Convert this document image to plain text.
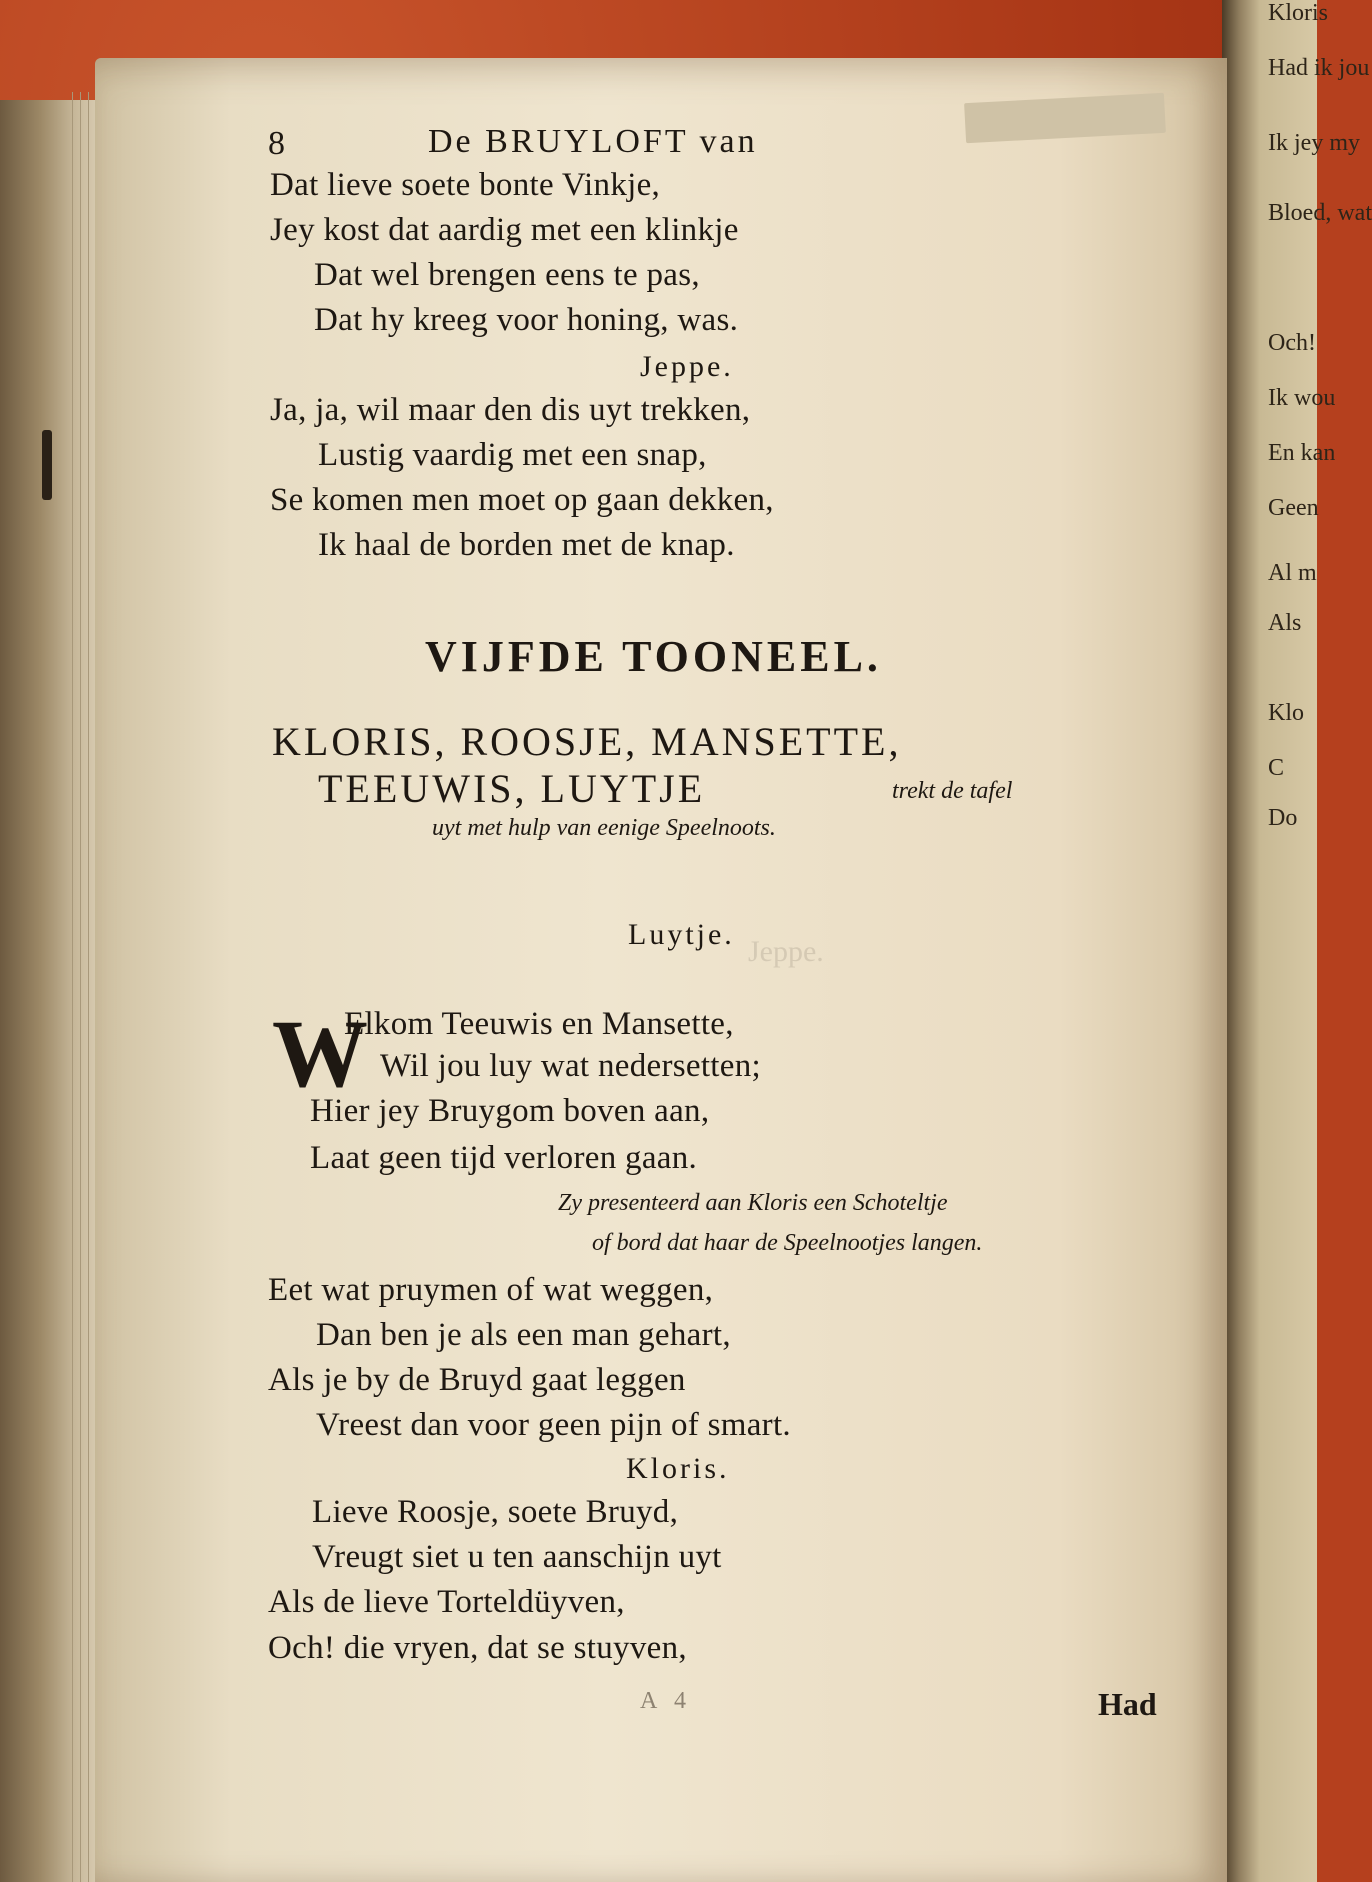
Kloris
Had ik jou
Ik jey my
Bloed, wat
Och!
Ik wou
En kan
Geen
Al m
Als
Klo
C
Do
Jeppe.
8	De BRUYLOFT van
Dat lieve soete bonte Vinkje,
Jey kost dat aardig met een klinkje
Dat wel brengen eens te pas,
Dat hy kreeg voor honing, was.
Jeppe.
Ja, ja, wil maar den dis uyt trekken,
Lustig vaardig met een snap,
Se komen men moet op gaan dekken,
Ik haal de borden met de knap.
VIJFDE TOONEEL.
KLORIS, ROOSJE, MANSETTE,
TEEUWIS, LUYTJE	trekt de tafel
uyt met hulp van eenige Speelnoots.
Luytje.
W
Elkom Teeuwis en Mansette,
Wil jou luy wat nedersetten;
Hier jey Bruygom boven aan,
Laat geen tijd verloren gaan.
Zy presenteerd aan Kloris een Schoteltje
of bord dat haar de Speelnootjes langen.
Eet wat pruymen of wat weggen,
Dan ben je als een man gehart,
Als je by de Bruyd gaat leggen
Vreest dan voor geen pijn of smart.
Kloris.
Lieve Roosje, soete Bruyd,
Vreugt siet u ten aanschijn uyt
Als de lieve Torteldüyven,
Och! die vryen, dat se stuyven,
A 4	Had
